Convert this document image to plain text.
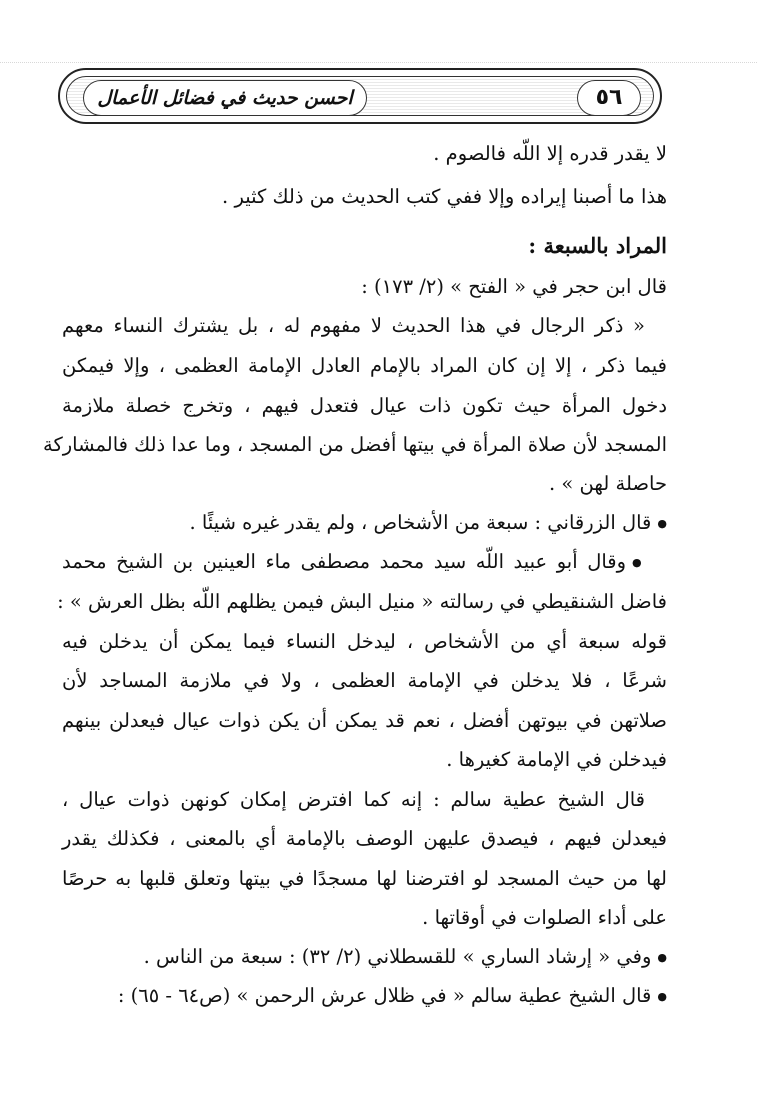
احسن حديث في فضائل الأعمال	٥٦
لا يقدر قدره إلا اللّه فالصوم .
هذا ما أصبنا إيراده وإلا ففي كتب الحديث من ذلك كثير .
المراد بالسبعة :
قال ابن حجر في « الفتح » (٢/ ١٧٣) :
« ذكر الرجال في هذا الحديث لا مفهوم له ، بل يشترك النساء معهم
فيما ذكر ، إلا إن كان المراد بالإمام العادل الإمامة العظمى ، وإلا فيمكن
دخول المرأة حيث تكون ذات عيال فتعدل فيهم ، وتخرج خصلة ملازمة
المسجد لأن صلاة المرأة في بيتها أفضل من المسجد ، وما عدا ذلك فالمشاركة
حاصلة لهن » .
● قال الزرقاني : سبعة من الأشخاص ، ولم يقدر غيره شيئًا .
● وقال أبو عبيد اللّه سيد محمد مصطفى ماء العينين بن الشيخ محمد
فاضل الشنقيطي في رسالته « منيل البش فيمن يظلهم اللّه بظل العرش » :
قوله سبعة أي من الأشخاص ، ليدخل النساء فيما يمكن أن يدخلن فيه
شرعًا ، فلا يدخلن في الإمامة العظمى ، ولا في ملازمة المساجد لأن
صلاتهن في بيوتهن أفضل ، نعم قد يمكن أن يكن ذوات عيال فيعدلن بينهم
فيدخلن في الإمامة كغيرها .
قال الشيخ عطية سالم : إنه كما افترض إمكان كونهن ذوات عيال ،
فيعدلن فيهم ، فيصدق عليهن الوصف بالإمامة أي بالمعنى ، فكذلك يقدر
لها من حيث المسجد لو افترضنا لها مسجدًا في بيتها وتعلق قلبها به حرصًا
على أداء الصلوات في أوقاتها .
● وفي « إرشاد الساري » للقسطلاني (٢/ ٣٢) : سبعة من الناس .
● قال الشيخ عطية سالم « في ظلال عرش الرحمن » (ص٦٤ - ٦٥) :
